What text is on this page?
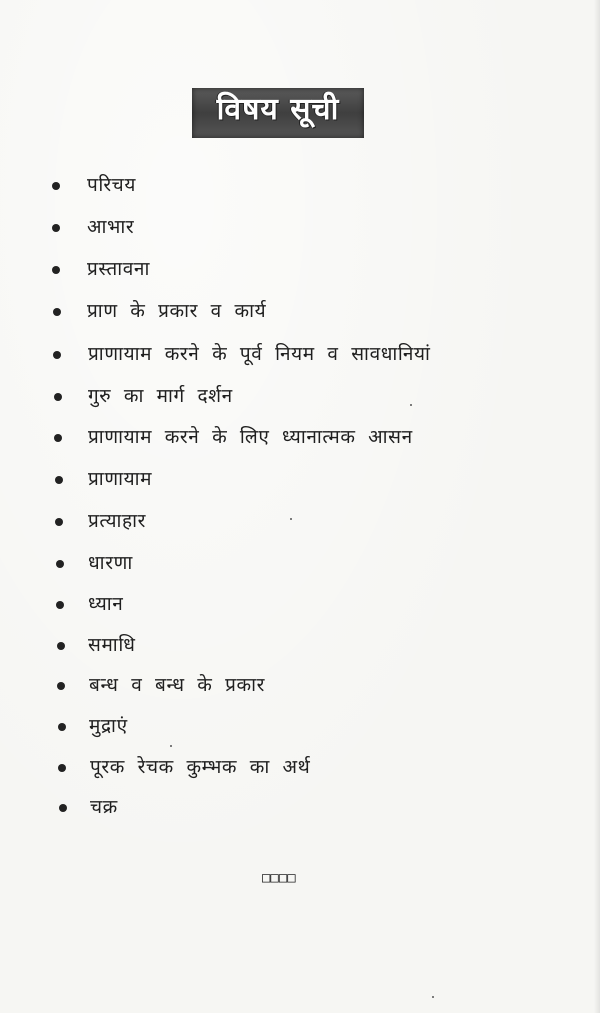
विषय सूची
परिचय
आभार
प्रस्तावना
प्राण के प्रकार व कार्य
प्राणायाम करने के पूर्व नियम व सावधानियां
गुरु का मार्ग दर्शन
प्राणायाम करने के लिए ध्यानात्मक आसन
प्राणायाम
प्रत्याहार
धारणा
ध्यान
समाधि
बन्ध व बन्ध के प्रकार
मुद्राएं
पूरक रेचक कुम्भक का अर्थ
चक्र
□□□□
